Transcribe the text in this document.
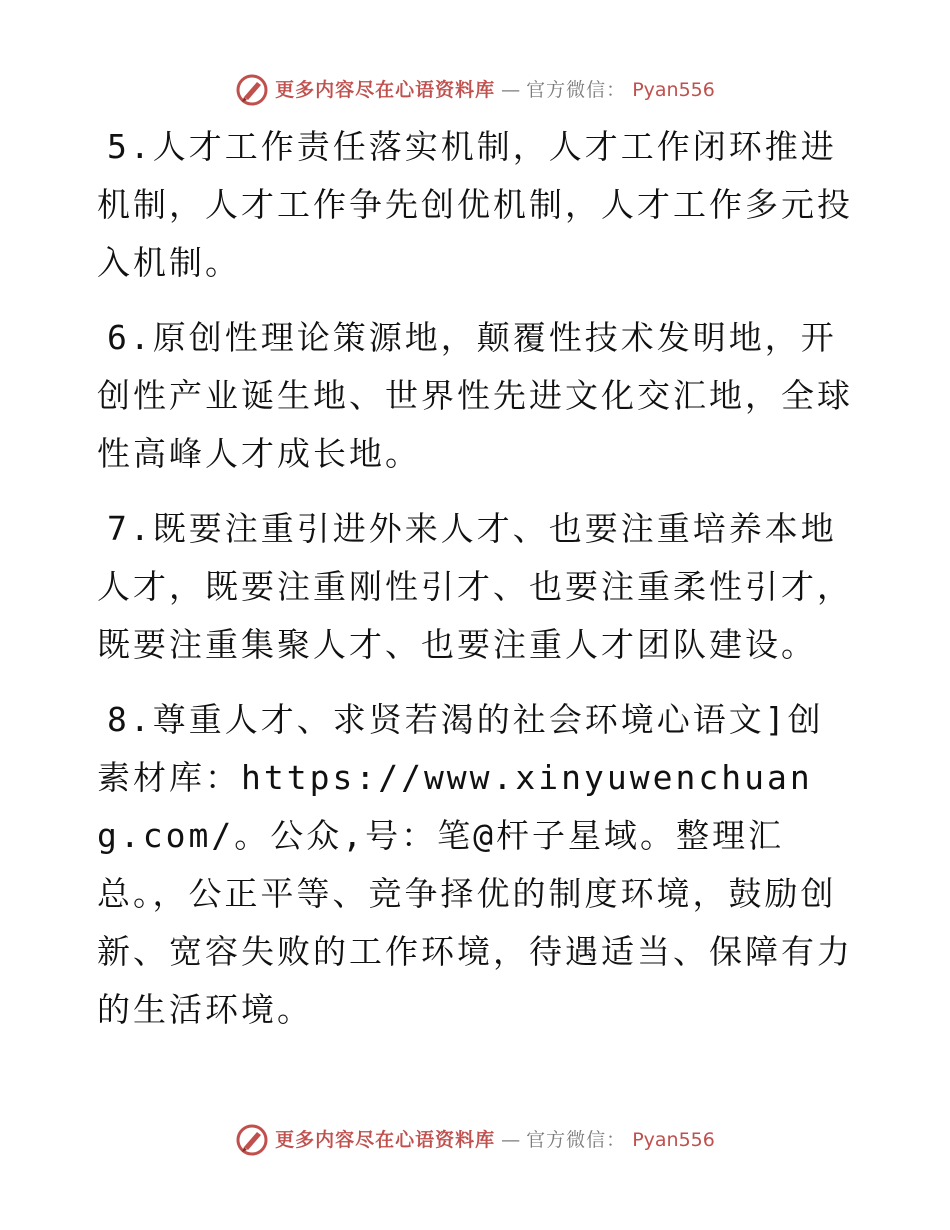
更多内容尽在心语资料库 — 官方微信： Pyan556

5.人才工作责任落实机制，人才工作闭环推进机制，人才工作争先创优机制，人才工作多元投入机制。

6.原创性理论策源地，颠覆性技术发明地，开创性产业诞生地、世界性先进文化交汇地，全球性高峰人才成长地。

7.既要注重引进外来人才、也要注重培养本地人才，既要注重刚性引才、也要注重柔性引才，既要注重集聚人才、也要注重人才团队建设。

8.尊重人才、求贤若渴的社会环境心语文]创素材库：https://www.xinyuwenchuang.com/。公众,号：笔@杆子星域。整理汇总。，公正平等、竞争择优的制度环境，鼓励创新、宽容失败的工作环境，待遇适当、保障有力的生活环境。

更多内容尽在心语资料库 — 官方微信： Pyan556
